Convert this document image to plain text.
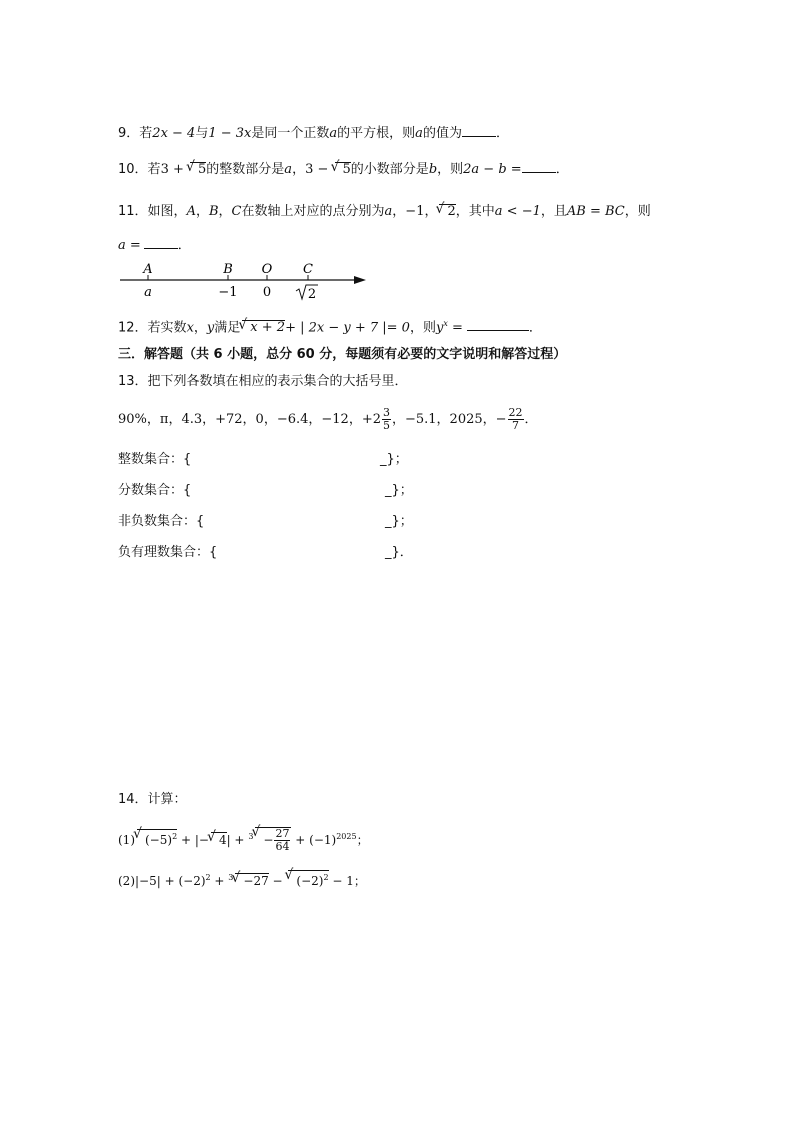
9．若2x − 4与1 − 3x是同一个正数a的平方根，则a的值为	．
10．若3 + √ 5的整数部分是a，3 − √ 5的小数部分是b，则2a − b =	．
11．如图，A，B，C在数轴上对应的点分别为a，−1，√ 2，其中a < −1，且AB = BC，则
a =	．
A	B O C
a	−1 0	2
12．若实数x，y满足√ x + 2+ | 2x − y + 7 |= 0，则$y^x$ =	．
三．解答题（共 6 小题，总分 60 分，每题须有必要的文字说明和解答过程）
13．把下列各数填在相应的表示集合的大括号里．
90%，π，4.3，+72，0，−6.4，−12，$+2 \frac{3}{5}$ ，−5.1，2025，− $\frac{22}{7}$ ．
整数集合：{	_}；
分数集合：{	_}；
非负数集合：{	_}；
负有理数集合：{	_}．
14．计算：
(1)√ $(-5)^2$ + |−√ $4| + ^3√ - \frac{27}{64} + (-1)^{2025}$；
$(2)|-5| + (-2)^2 + ^3√ -27$ − √ $(-2)^2 - 1$；
